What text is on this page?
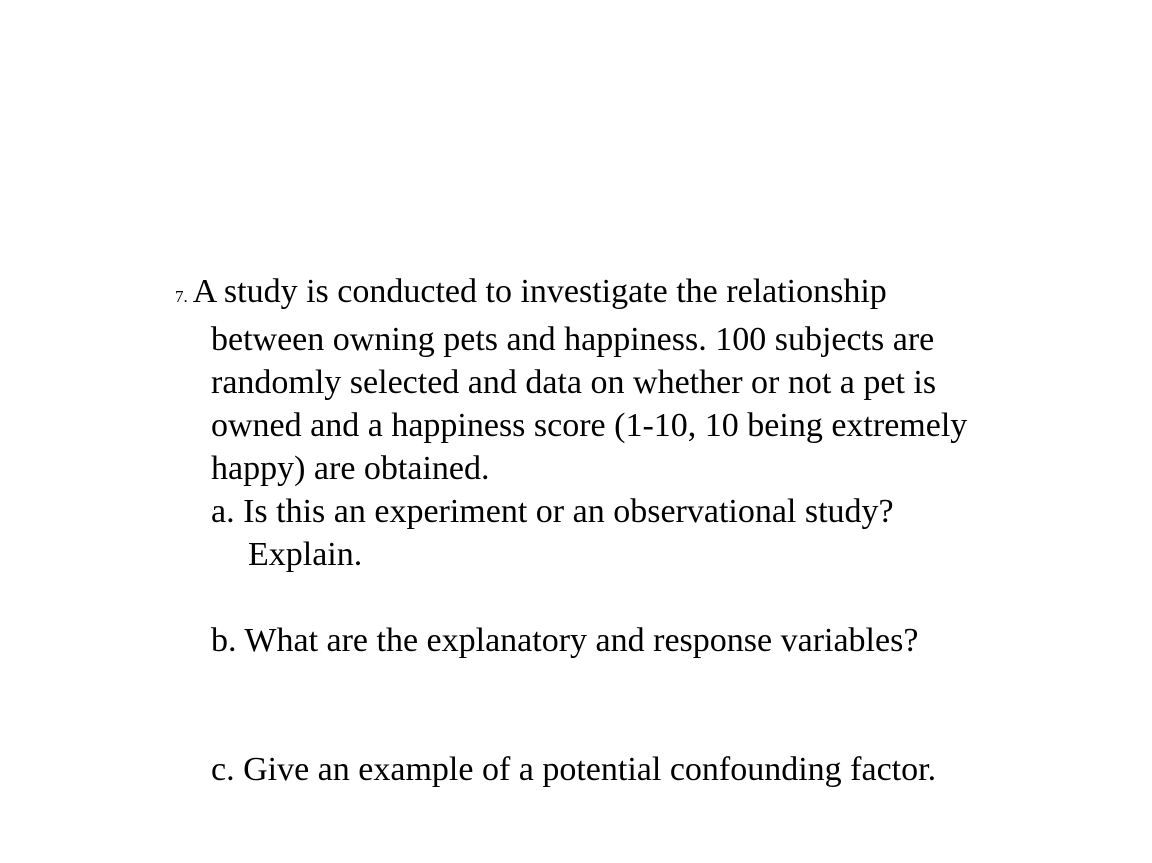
7. A study is conducted to investigate the relationship
between owning pets and happiness. 100 subjects are
randomly selected and data on whether or not a pet is
owned and a happiness score (1-10, 10 being extremely
happy) are obtained.
a. Is this an experiment or an observational study?
Explain.
b. What are the explanatory and response variables?
c. Give an example of a potential confounding factor.
